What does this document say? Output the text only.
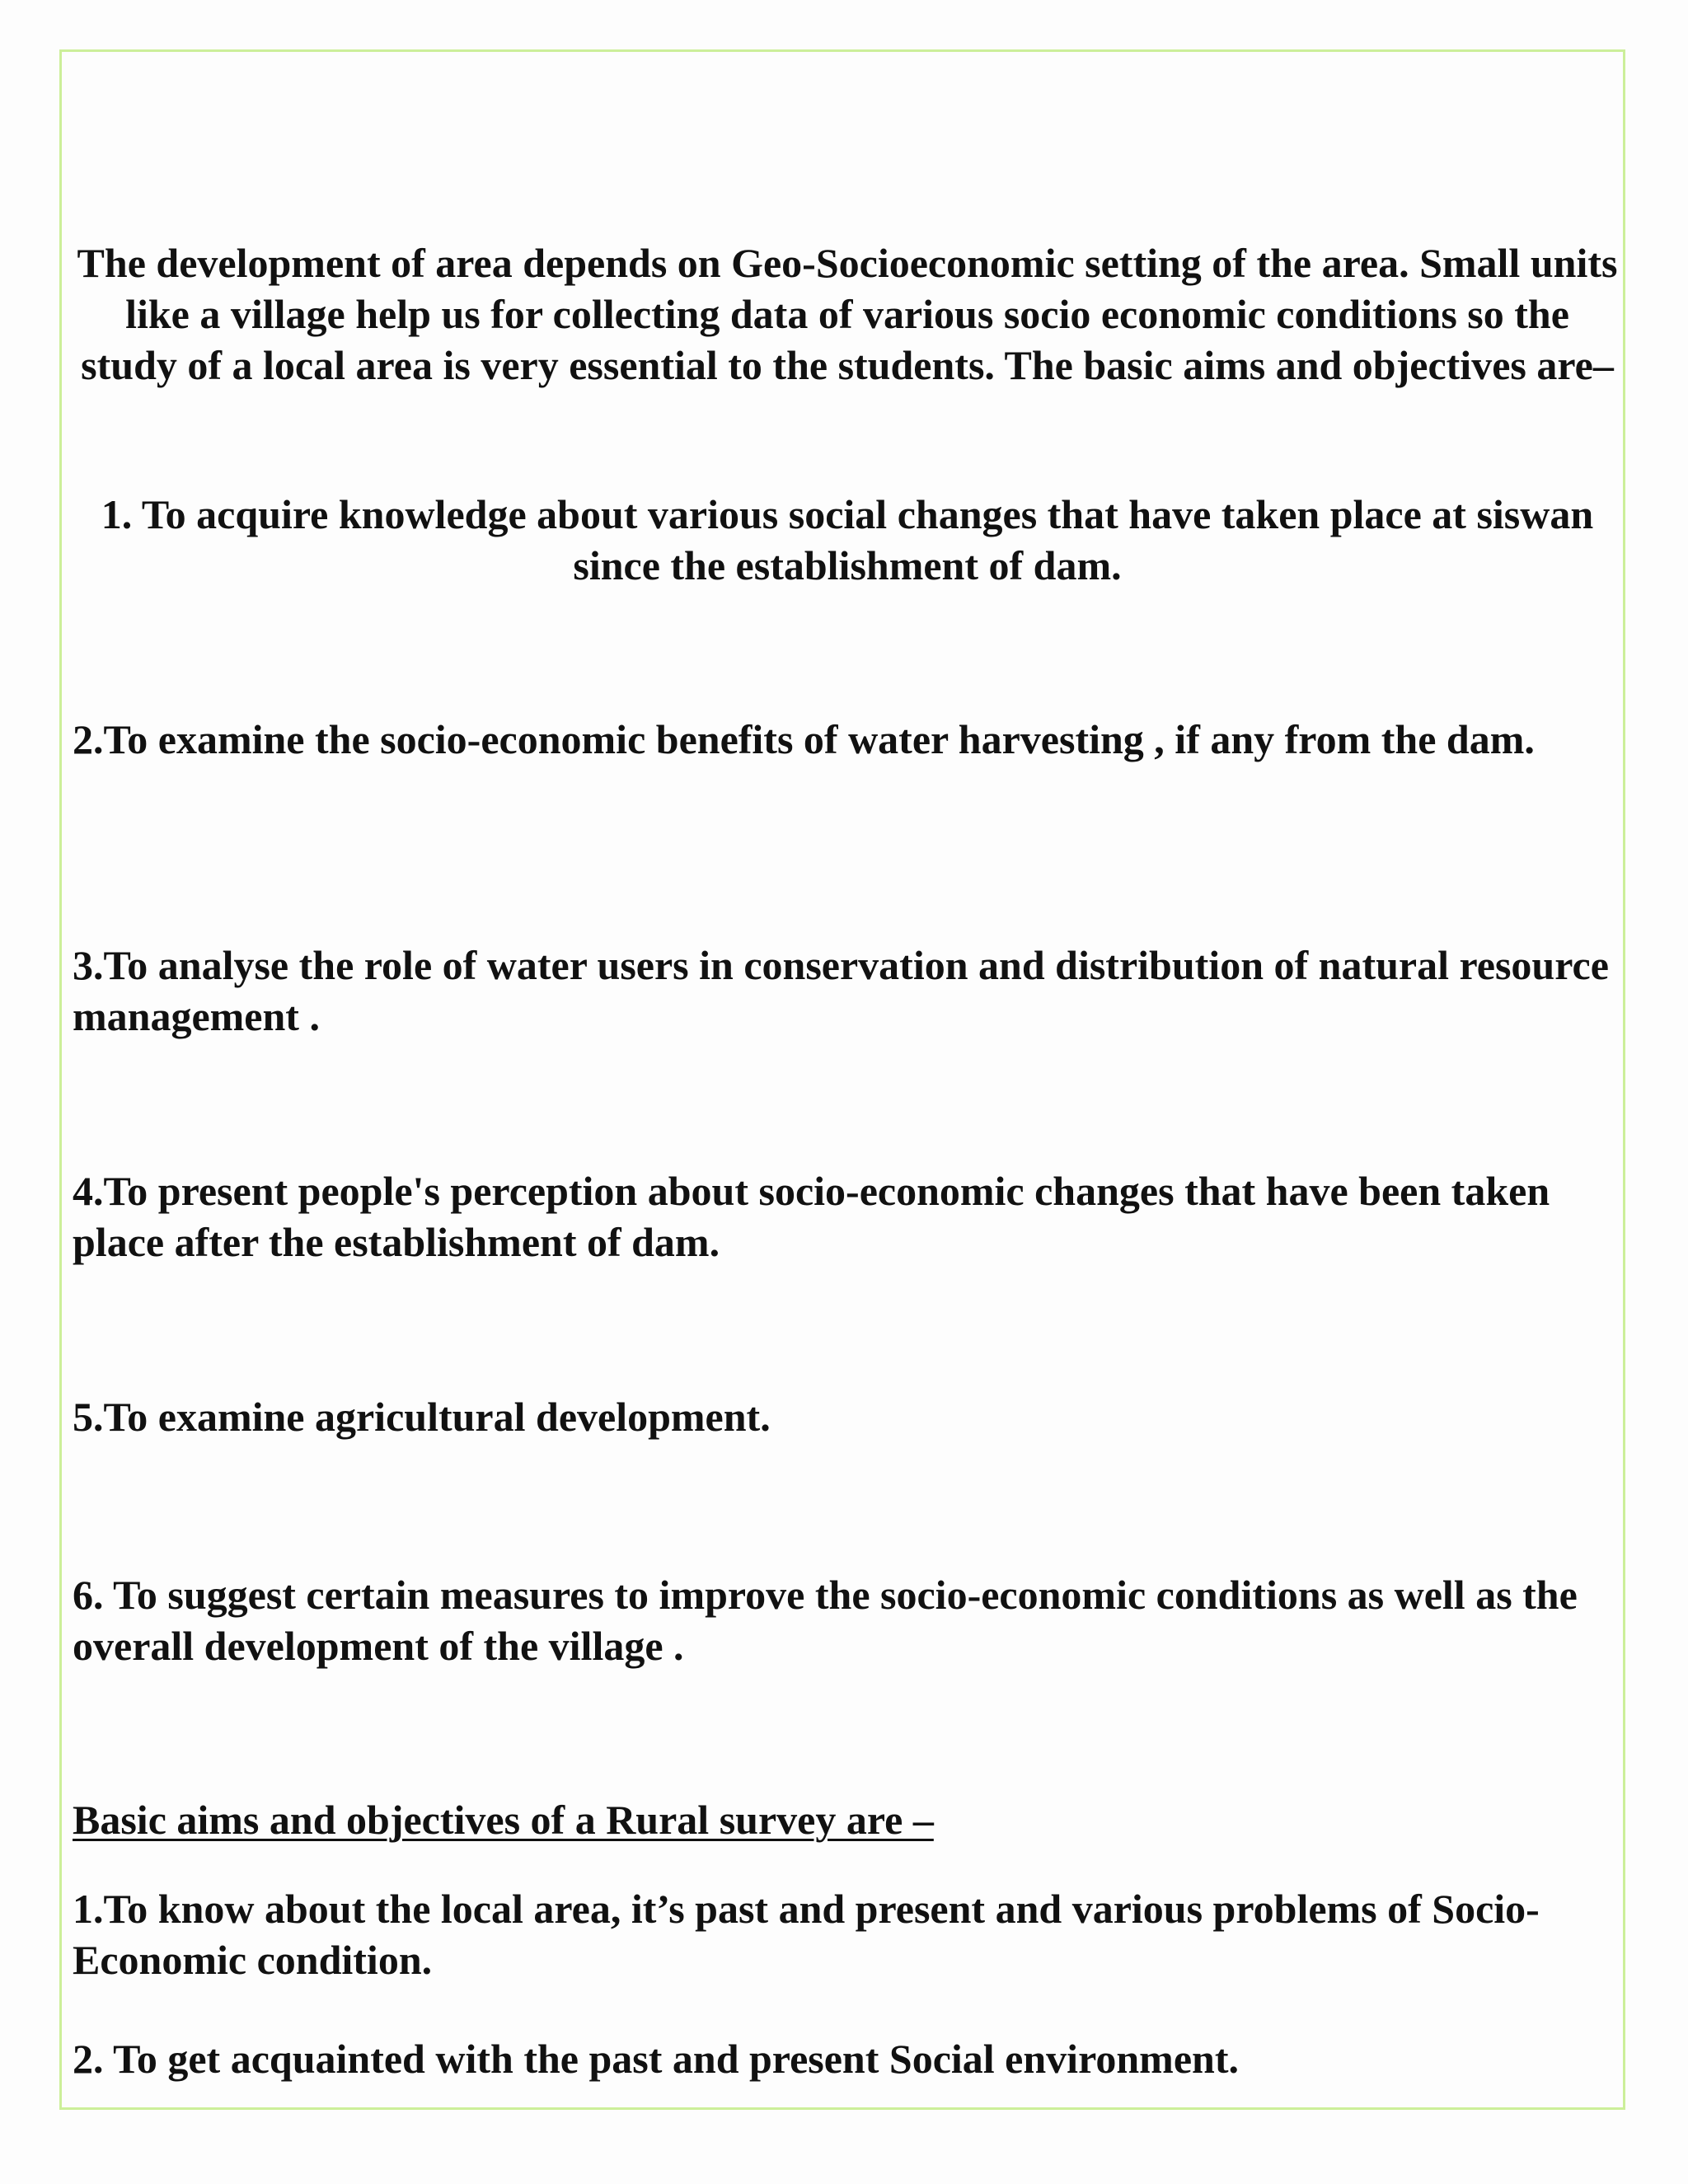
The development of area depends on Geo-Socioeconomic setting of the area. Small units like a village help us for collecting data of various socio economic conditions so the study of a local area is very essential to the students. The basic aims and objectives are–

1. To acquire knowledge about various social changes that have taken place at siswan since the establishment of dam.

2.To examine the socio-economic benefits of water harvesting , if any from the dam.

3.To analyse the role of water users in conservation and distribution of natural resource management .

4.To present people's perception about socio-economic changes that have been taken place after the establishment of dam.

5.To examine agricultural development.

6. To suggest certain measures to improve the socio-economic conditions as well as the overall development of the village .

Basic aims and objectives of a Rural survey are –

1.To know about the local area, it’s past and present and various problems of Socio-Economic condition.

2. To get acquainted with the past and present Social environment.
